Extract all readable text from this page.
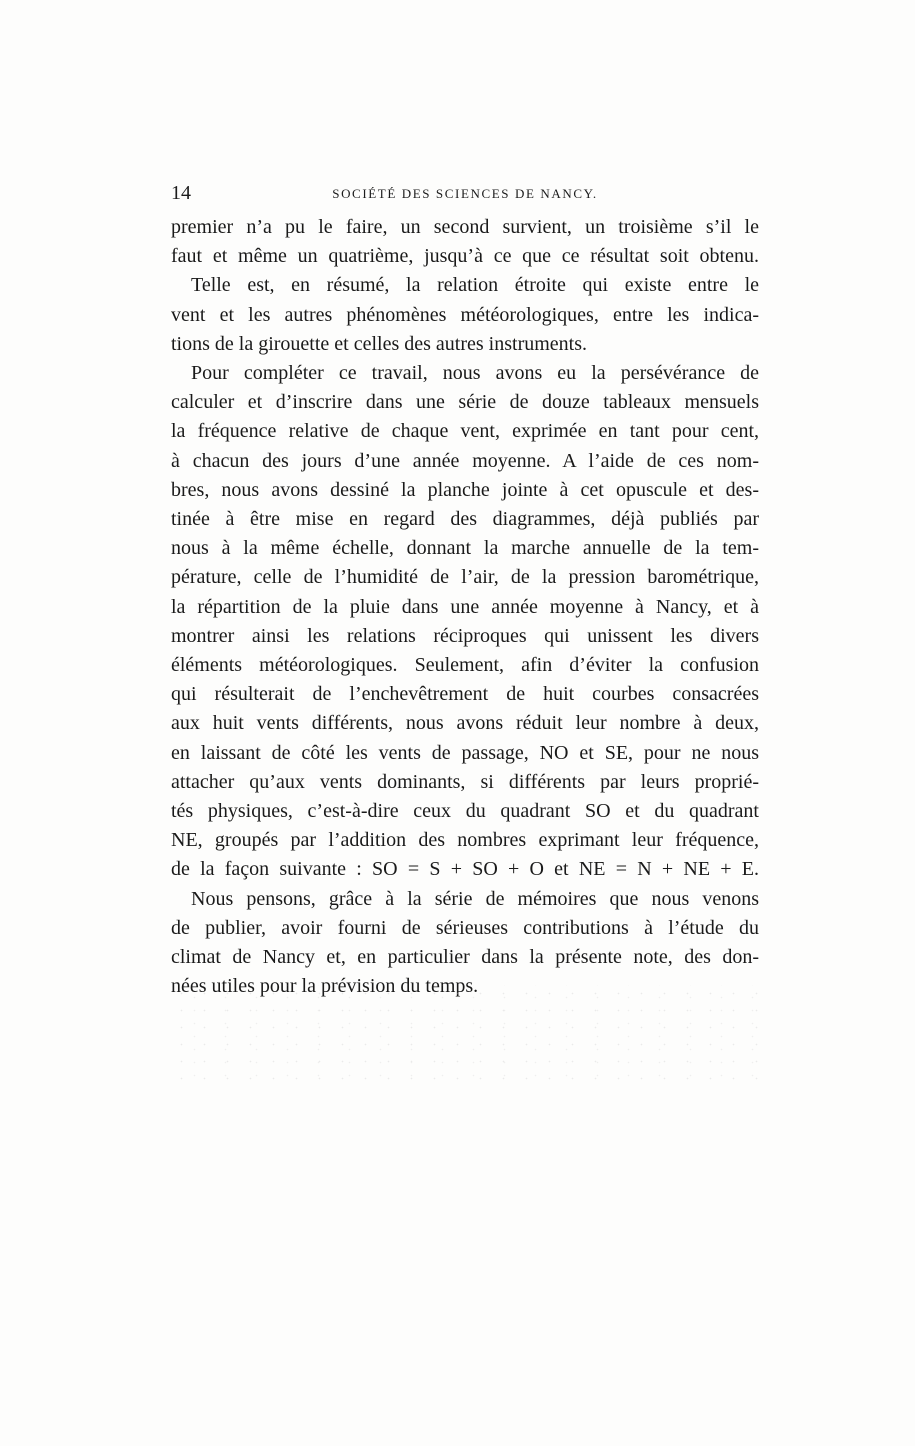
14	SOCIÉTÉ DES SCIENCES DE NANCY.

premier n’a pu le faire, un second survient, un troisième s’il le
faut et même un quatrième, jusqu’à ce que ce résultat soit obtenu.

Telle est, en résumé, la relation étroite qui existe entre le
vent et les autres phénomènes météorologiques, entre les indica-
tions de la girouette et celles des autres instruments.

Pour compléter ce travail, nous avons eu la persévérance de
calculer et d’inscrire dans une série de douze tableaux mensuels
la fréquence relative de chaque vent, exprimée en tant pour cent,
à chacun des jours d’une année moyenne. A l’aide de ces nom-
bres, nous avons dessiné la planche jointe à cet opuscule et des-
tinée à être mise en regard des diagrammes, déjà publiés par
nous à la même échelle, donnant la marche annuelle de la tem-
pérature, celle de l’humidité de l’air, de la pression barométrique,
la répartition de la pluie dans une année moyenne à Nancy, et à
montrer ainsi les relations réciproques qui unissent les divers
éléments météorologiques. Seulement, afin d’éviter la confusion
qui résulterait de l’enchevêtrement de huit courbes consacrées
aux huit vents différents, nous avons réduit leur nombre à deux,
en laissant de côté les vents de passage, NO et SE, pour ne nous
attacher qu’aux vents dominants, si différents par leurs proprié-
tés physiques, c’est-à-dire ceux du quadrant SO et du quadrant
NE, groupés par l’addition des nombres exprimant leur fréquence,
de la façon suivante : SO = S + SO + O et NE = N + NE + E.

Nous pensons, grâce à la série de mémoires que nous venons
de publier, avoir fourni de sérieuses contributions à l’étude du
climat de Nancy et, en particulier dans la présente note, des don-
nées utiles pour la prévision du temps.
